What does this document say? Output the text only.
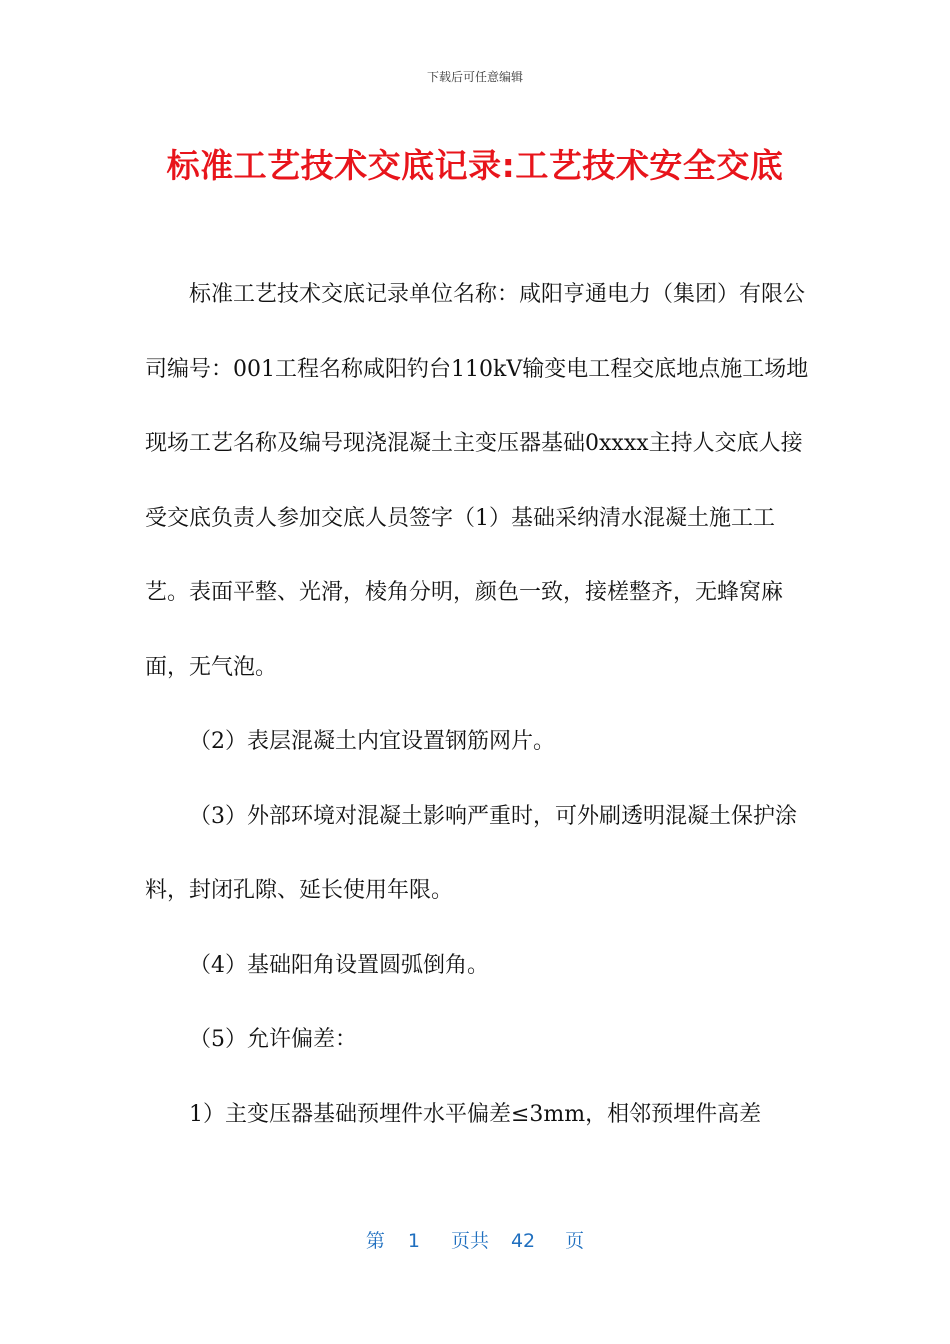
下载后可任意编辑
标准工艺技术交底记录:工艺技术安全交底

标准工艺技术交底记录单位名称：咸阳亨通电力（集团）有限公司编号：001工程名称咸阳钓台110kV输变电工程交底地点施工场地现场工艺名称及编号现浇混凝土主变压器基础0xxxx主持人交底人接受交底负责人参加交底人员签字（1）基础采纳清水混凝土施工工艺。表面平整、光滑，棱角分明，颜色一致，接槎整齐，无蜂窝麻面，无气泡。

（2）表层混凝土内宜设置钢筋网片。

（3）外部环境对混凝土影响严重时，可外刷透明混凝土保护涂料，封闭孔隙、延长使用年限。

（4）基础阳角设置圆弧倒角。

（5）允许偏差：

1）主变压器基础预埋件水平偏差≤3mm，相邻预埋件高差

第 1 页共 42 页
